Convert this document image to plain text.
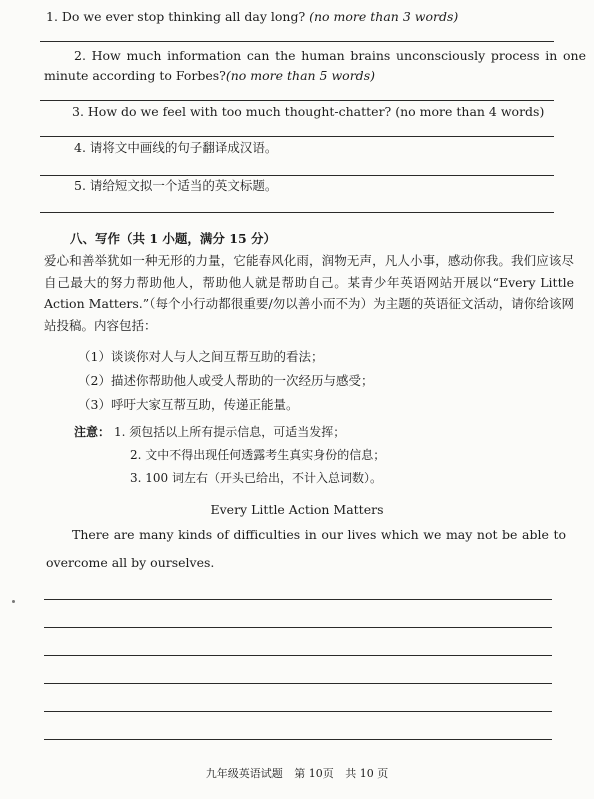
1. Do we ever stop thinking all day long? (no more than 3 words)
2. How much information can the human brains unconsciously process in one minute according to Forbes?(no more than 5 words)
3. How do we feel with too much thought-chatter? (no more than 4 words)
4. 请将文中画线的句子翻译成汉语。
5. 请给短文拟一个适当的英文标题。
八、写作（共 1 小题，满分 15 分）
爱心和善举犹如一种无形的力量，它能春风化雨，润物无声，凡人小事，感动你我。我们应该尽自己最大的努力帮助他人，帮助他人就是帮助自己。某青少年英语网站开展以“Every Little Action Matters.”（每个小行动都很重要/勿以善小而不为）为主题的英语征文活动，请你给该网站投稿。内容包括：
（1）谈谈你对人与人之间互帮互助的看法；
（2）描述你帮助他人或受人帮助的一次经历与感受；
（3）呼吁大家互帮互助，传递正能量。
注意： 1. 须包括以上所有提示信息，可适当发挥；
2. 文中不得出现任何透露考生真实身份的信息；
3. 100 词左右（开头已给出，不计入总词数）。
Every Little Action Matters
There are many kinds of difficulties in our lives which we may not be able to overcome all by ourselves.
九年级英语试题 第 10页 共 10 页
